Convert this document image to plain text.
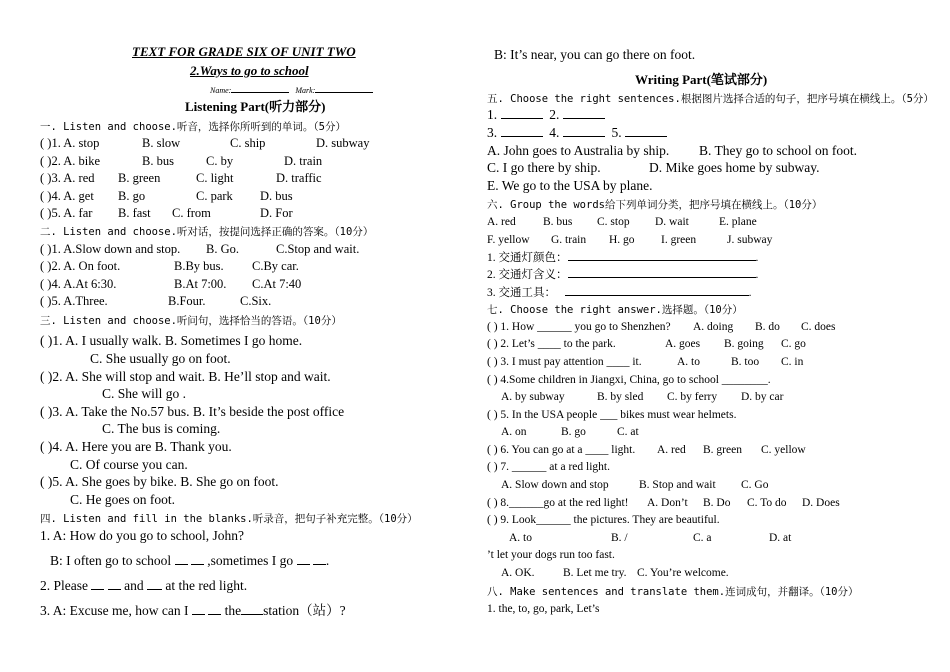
TEXT FOR GRADE SIX OF UNIT TWO
2.Ways to go to school
Name:	Mark:
Listening Part(听力部分)
一. Listen and choose.听音，选择你所听到的单词。（5分）
( )1. A. stop	B. slow	C. ship	D. subway
( )2. A. bike	B. bus	C. by	D. train
( )3. A. red B. green	C. light	D. traffic
( )4. A. get B. go	C. park D. bus
( )5. A. far B. fast C. from	D. For
二. Listen and choose.听对话，按提问选择正确的答案。（10分）
( )1. A.Slow down and stop. B. Go.	C.Stop and wait.
( )2. A. On foot.	B.By bus. C.By car.
( )4. A.At 6:30.	B.At 7:00. C.At 7:40
( )5. A.Three.	B.Four.	C.Six.
三. Listen and choose.听问句，选择恰当的答语。（10分）
( )1. A. I usually walk. B. Sometimes I go home.
C. She usually go on foot.
( )2. A. She will stop and wait. B. He’ll stop and wait.
C. She will go .
( )3. A. Take the No.57 bus. B. It’s beside the post office
C. The bus is coming.
( )4. A. Here you are B. Thank you.
C. Of course you can.
( )5. A. She goes by bike. B. She go on foot.
C. He goes on foot.
四. Listen and fill in the blanks.听录音，把句子补充完整。（10分）
1. A: How do you go to school, John?
B: I often go to school	,sometimes I go .
2. Please	and at the red light.
3. A: Excuse me, how can I	the station（站）?
B: It’s near, you can go there on foot.
Writing Part(笔试部分)
五. Choose the right sentences.根据图片选择合适的句子，把序号填在横线上。（5分）
1.	2.
3.	4.	5.
A. John goes to Australia by ship. B. They go to school on foot.
C. I go there by ship.	D. Mike goes home by subway.
E. We go to the USA by plane.
六. Group the words给下列单词分类，把序号填在横线上。（10分）
A. red B. bus C. stop D. wait	E. plane
F. yellow G. train H. go I. green	J. subway
1. 交通灯颜色：	.
2. 交通灯含义：	.
3. 交通工具：	.
七. Choose the right answer.选择题。（10分）
( ) 1. How ______ you go to Shenzhen? A. doing B. do C. does
( ) 2. Let’s ____ to the park.	A. goes B. going C. go
( ) 3. I must pay attention ____ it.	A. to	B. too C. in
( ) 4.Some children in Jiangxi, China, go to school ________.
A. by subway	B. by sled C. by ferry D. by car
( ) 5. In the USA people ___ bikes must wear helmets.
A. on	B. go	C. at
( ) 6. You can go at a ____ light. A. red B. green C. yellow
( ) 7. ______ at a red light.
A. Slow down and stop	B. Stop and wait C. Go
( ) 8.______go at the red light! A. Don’t B. Do C. To do D. Does
( ) 9. Look______ the pictures. They are beautiful.
A. to	B. /	C. a	D. at
’t let your dogs run too fast.
A. OK. B. Let me try. C. You’re welcome.
八. Make sentences and translate them.连词成句，并翻译。（10分）
1. the, to, go, park, Let’s
